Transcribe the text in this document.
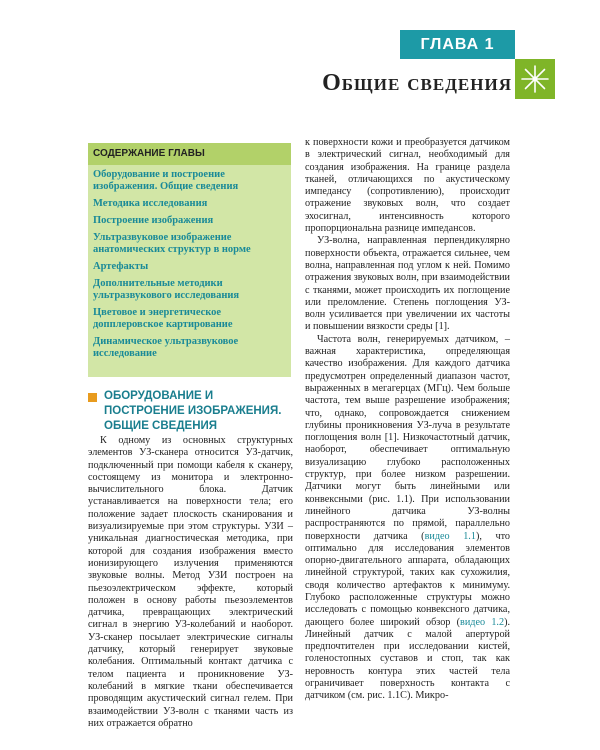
ГЛАВА 1
Общие сведения
СОДЕРЖАНИЕ ГЛАВЫ
Оборудование и построение изображения. Общие сведения
Методика исследования
Построение изображения
Ультразвуковое изображение анатомических структур в норме
Артефакты
Дополнительные методики ультразвукового исследования
Цветовое и энергетическое допплеровское картирование
Динамическое ультразвуковое исследование
ОБОРУДОВАНИЕ И ПОСТРОЕНИЕ ИЗОБРАЖЕНИЯ. ОБЩИЕ СВЕДЕНИЯ

К одному из основных структурных элементов УЗ-сканера относится УЗ-датчик, подключенный при помощи кабеля к сканеру, состоящему из монитора и электронно-вычислительного блока. Датчик устанавливается на поверхности тела; его положение задает плоскость сканирования и визуализируемые при этом структуры. УЗИ – уникальная диагностическая методика, при которой для создания изображения вместо ионизирующего излучения применяются звуковые волны. Метод УЗИ построен на пьезоэлектрическом эффекте, который положен в основу работы пьезоэлементов датчика, превращающих электрический сигнал в энергию УЗ-колебаний и наоборот. УЗ-сканер посылает электрические сигналы датчику, который генерирует звуковые колебания. Оптимальный контакт датчика с телом пациента и проникновение УЗ-колебаний в мягкие ткани обеспечивается проводящим акустический сигнал гелем. При взаимодействии УЗ-волн с тканями часть из них отражается обратно

к поверхности кожи и преобразуется датчиком в электрический сигнал, необходимый для создания изображения. На границе раздела тканей, отличающихся по акустическому импедансу (сопротивлению), происходит отражение звуковых волн, что создает эхосигнал, интенсивность которого пропорциональна разнице импедансов.

УЗ-волна, направленная перпендикулярно поверхности объекта, отражается сильнее, чем волна, направленная под углом к ней. Помимо отражения звуковых волн, при взаимодействии с тканями, может происходить их поглощение или преломление. Степень поглощения УЗ-волн усиливается при увеличении их частоты и повышении вязкости среды [1].

Частота волн, генерируемых датчиком, – важная характеристика, определяющая качество изображения. Для каждого датчика предусмотрен определенный диапазон частот, выраженных в мегагерцах (МГц). Чем больше частота, тем выше разрешение изображения; что, однако, сопровождается снижением глубины проникновения УЗ-луча в результате поглощения волн [1]. Низкочастотный датчик, наоборот, обеспечивает оптимальную визуализацию глубоко расположенных структур, при более низком разрешении. Датчики могут быть линейными или конвексными (рис. 1.1). При использовании линейного датчика УЗ-волны распространяются по прямой, параллельно поверхности датчика (видео 1.1), что оптимально для исследования элементов опорно-двигательного аппарата, обладающих линейной структурой, таких как сухожилия, сводя количество артефактов к минимуму. Глубоко расположенные структуры можно исследовать с помощью конвексного датчика, дающего более широкий обзор (видео 1.2). Линейный датчик с малой апертурой предпочтителен при исследовании кистей, голеностопных суставов и стоп, так как неровность контура этих частей тела ограничивает поверхность контакта с датчиком (см. рис. 1.1C). Микро-
